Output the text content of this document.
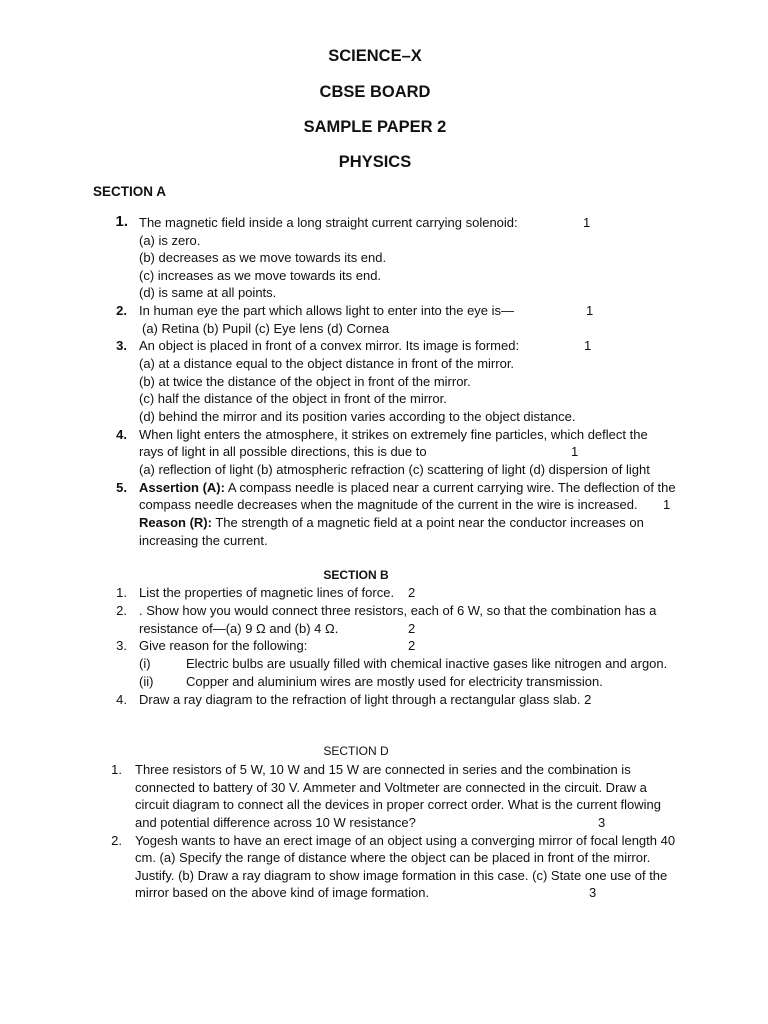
SCIENCE–X
CBSE BOARD
SAMPLE PAPER 2
PHYSICS
SECTION A
1. The magnetic field inside a long straight current carrying solenoid:	1
(a) is zero.
(b) decreases as we move towards its end.
(c) increases as we move towards its end.
(d) is same at all points.
2. In human eye the part which allows light to enter into the eye is—	1
(a) Retina (b) Pupil (c) Eye lens (d) Cornea
3. An object is placed in front of a convex mirror. Its image is formed:	1
(a) at a distance equal to the object distance in front of the mirror.
(b) at twice the distance of the object in front of the mirror.
(c) half the distance of the object in front of the mirror.
(d) behind the mirror and its position varies according to the object distance.
4. When light enters the atmosphere, it strikes on extremely fine particles, which deflect the
rays of light in all possible directions, this is due to	1
(a) reflection of light (b) atmospheric refraction (c) scattering of light (d) dispersion of light
5. Assertion (A): A compass needle is placed near a current carrying wire. The deflection of the
compass needle decreases when the magnitude of the current in the wire is increased. 1
Reason (R): The strength of a magnetic field at a point near the conductor increases on
increasing the current.
SECTION B
1. List the properties of magnetic lines of force. 2
2. . Show how you would connect three resistors, each of 6 W, so that the combination has a
resistance of—(a) 9 Ω and (b) 4 Ω.	2
3. Give reason for the following:	2
(i)	Electric bulbs are usually filled with chemical inactive gases like nitrogen and argon.
(ii)	Copper and aluminium wires are mostly used for electricity transmission.
4. Draw a ray diagram to the refraction of light through a rectangular glass slab. 2
SECTION D
1. Three resistors of 5 W, 10 W and 15 W are connected in series and the combination is
connected to battery of 30 V. Ammeter and Voltmeter are connected in the circuit. Draw a
circuit diagram to connect all the devices in proper correct order. What is the current flowing
and potential difference across 10 W resistance?	3
2. Yogesh wants to have an erect image of an object using a converging mirror of focal length 40
cm. (a) Specify the range of distance where the object can be placed in front of the mirror.
Justify. (b) Draw a ray diagram to show image formation in this case. (c) State one use of the
mirror based on the above kind of image formation.	3
